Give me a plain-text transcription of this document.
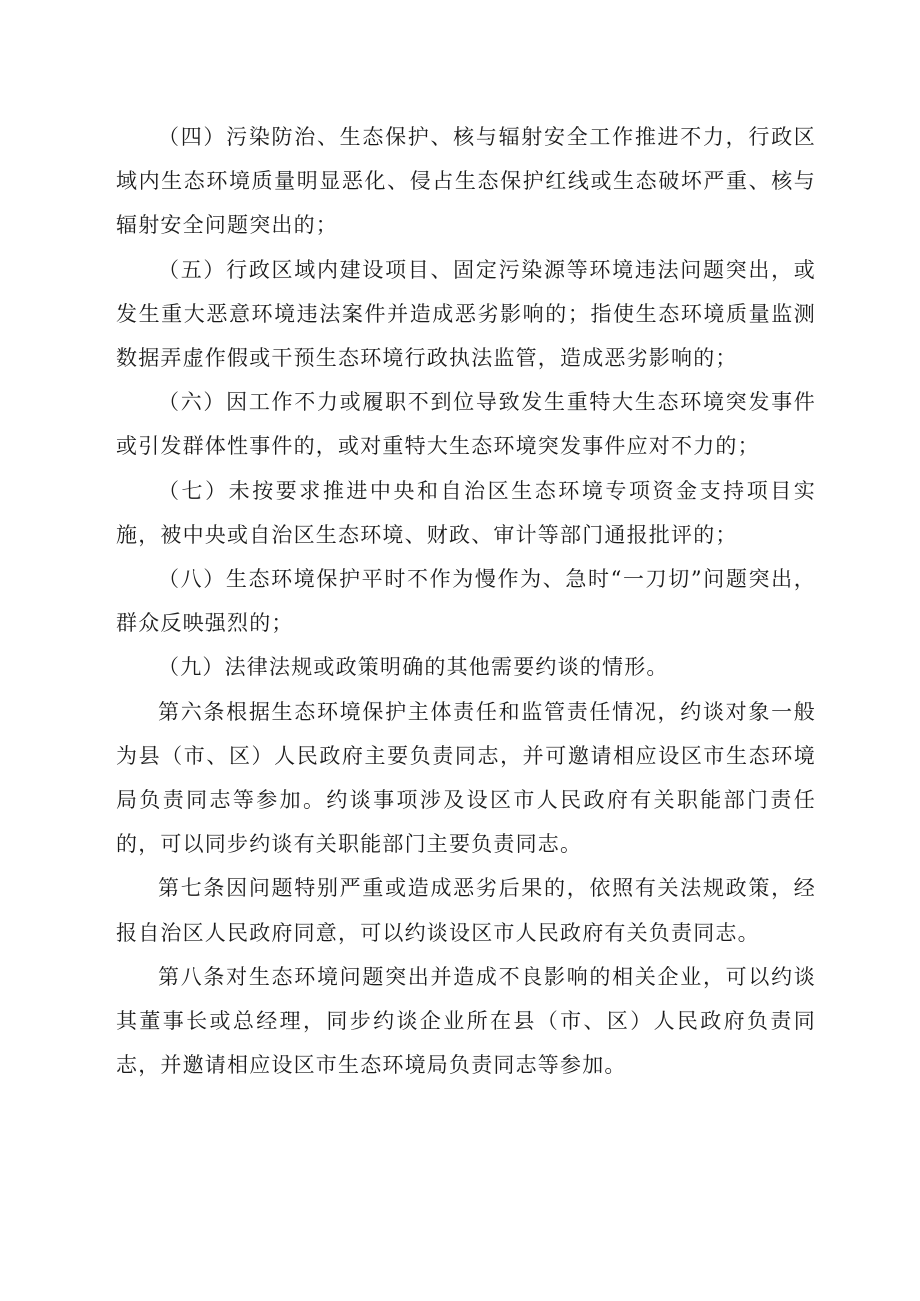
（四）污染防治、生态保护、核与辐射安全工作推进不力，行政区域内生态环境质量明显恶化、侵占生态保护红线或生态破坏严重、核与辐射安全问题突出的；

（五）行政区域内建设项目、固定污染源等环境违法问题突出，或发生重大恶意环境违法案件并造成恶劣影响的；指使生态环境质量监测数据弄虚作假或干预生态环境行政执法监管，造成恶劣影响的；

（六）因工作不力或履职不到位导致发生重特大生态环境突发事件或引发群体性事件的，或对重特大生态环境突发事件应对不力的；

（七）未按要求推进中央和自治区生态环境专项资金支持项目实施，被中央或自治区生态环境、财政、审计等部门通报批评的；

（八）生态环境保护平时不作为慢作为、急时“一刀切”问题突出，群众反映强烈的；

（九）法律法规或政策明确的其他需要约谈的情形。

第六条根据生态环境保护主体责任和监管责任情况，约谈对象一般为县（市、区）人民政府主要负责同志，并可邀请相应设区市生态环境局负责同志等参加。约谈事项涉及设区市人民政府有关职能部门责任的，可以同步约谈有关职能部门主要负责同志。

第七条因问题特别严重或造成恶劣后果的，依照有关法规政策，经报自治区人民政府同意，可以约谈设区市人民政府有关负责同志。

第八条对生态环境问题突出并造成不良影响的相关企业，可以约谈其董事长或总经理，同步约谈企业所在县（市、区）人民政府负责同志，并邀请相应设区市生态环境局负责同志等参加。
